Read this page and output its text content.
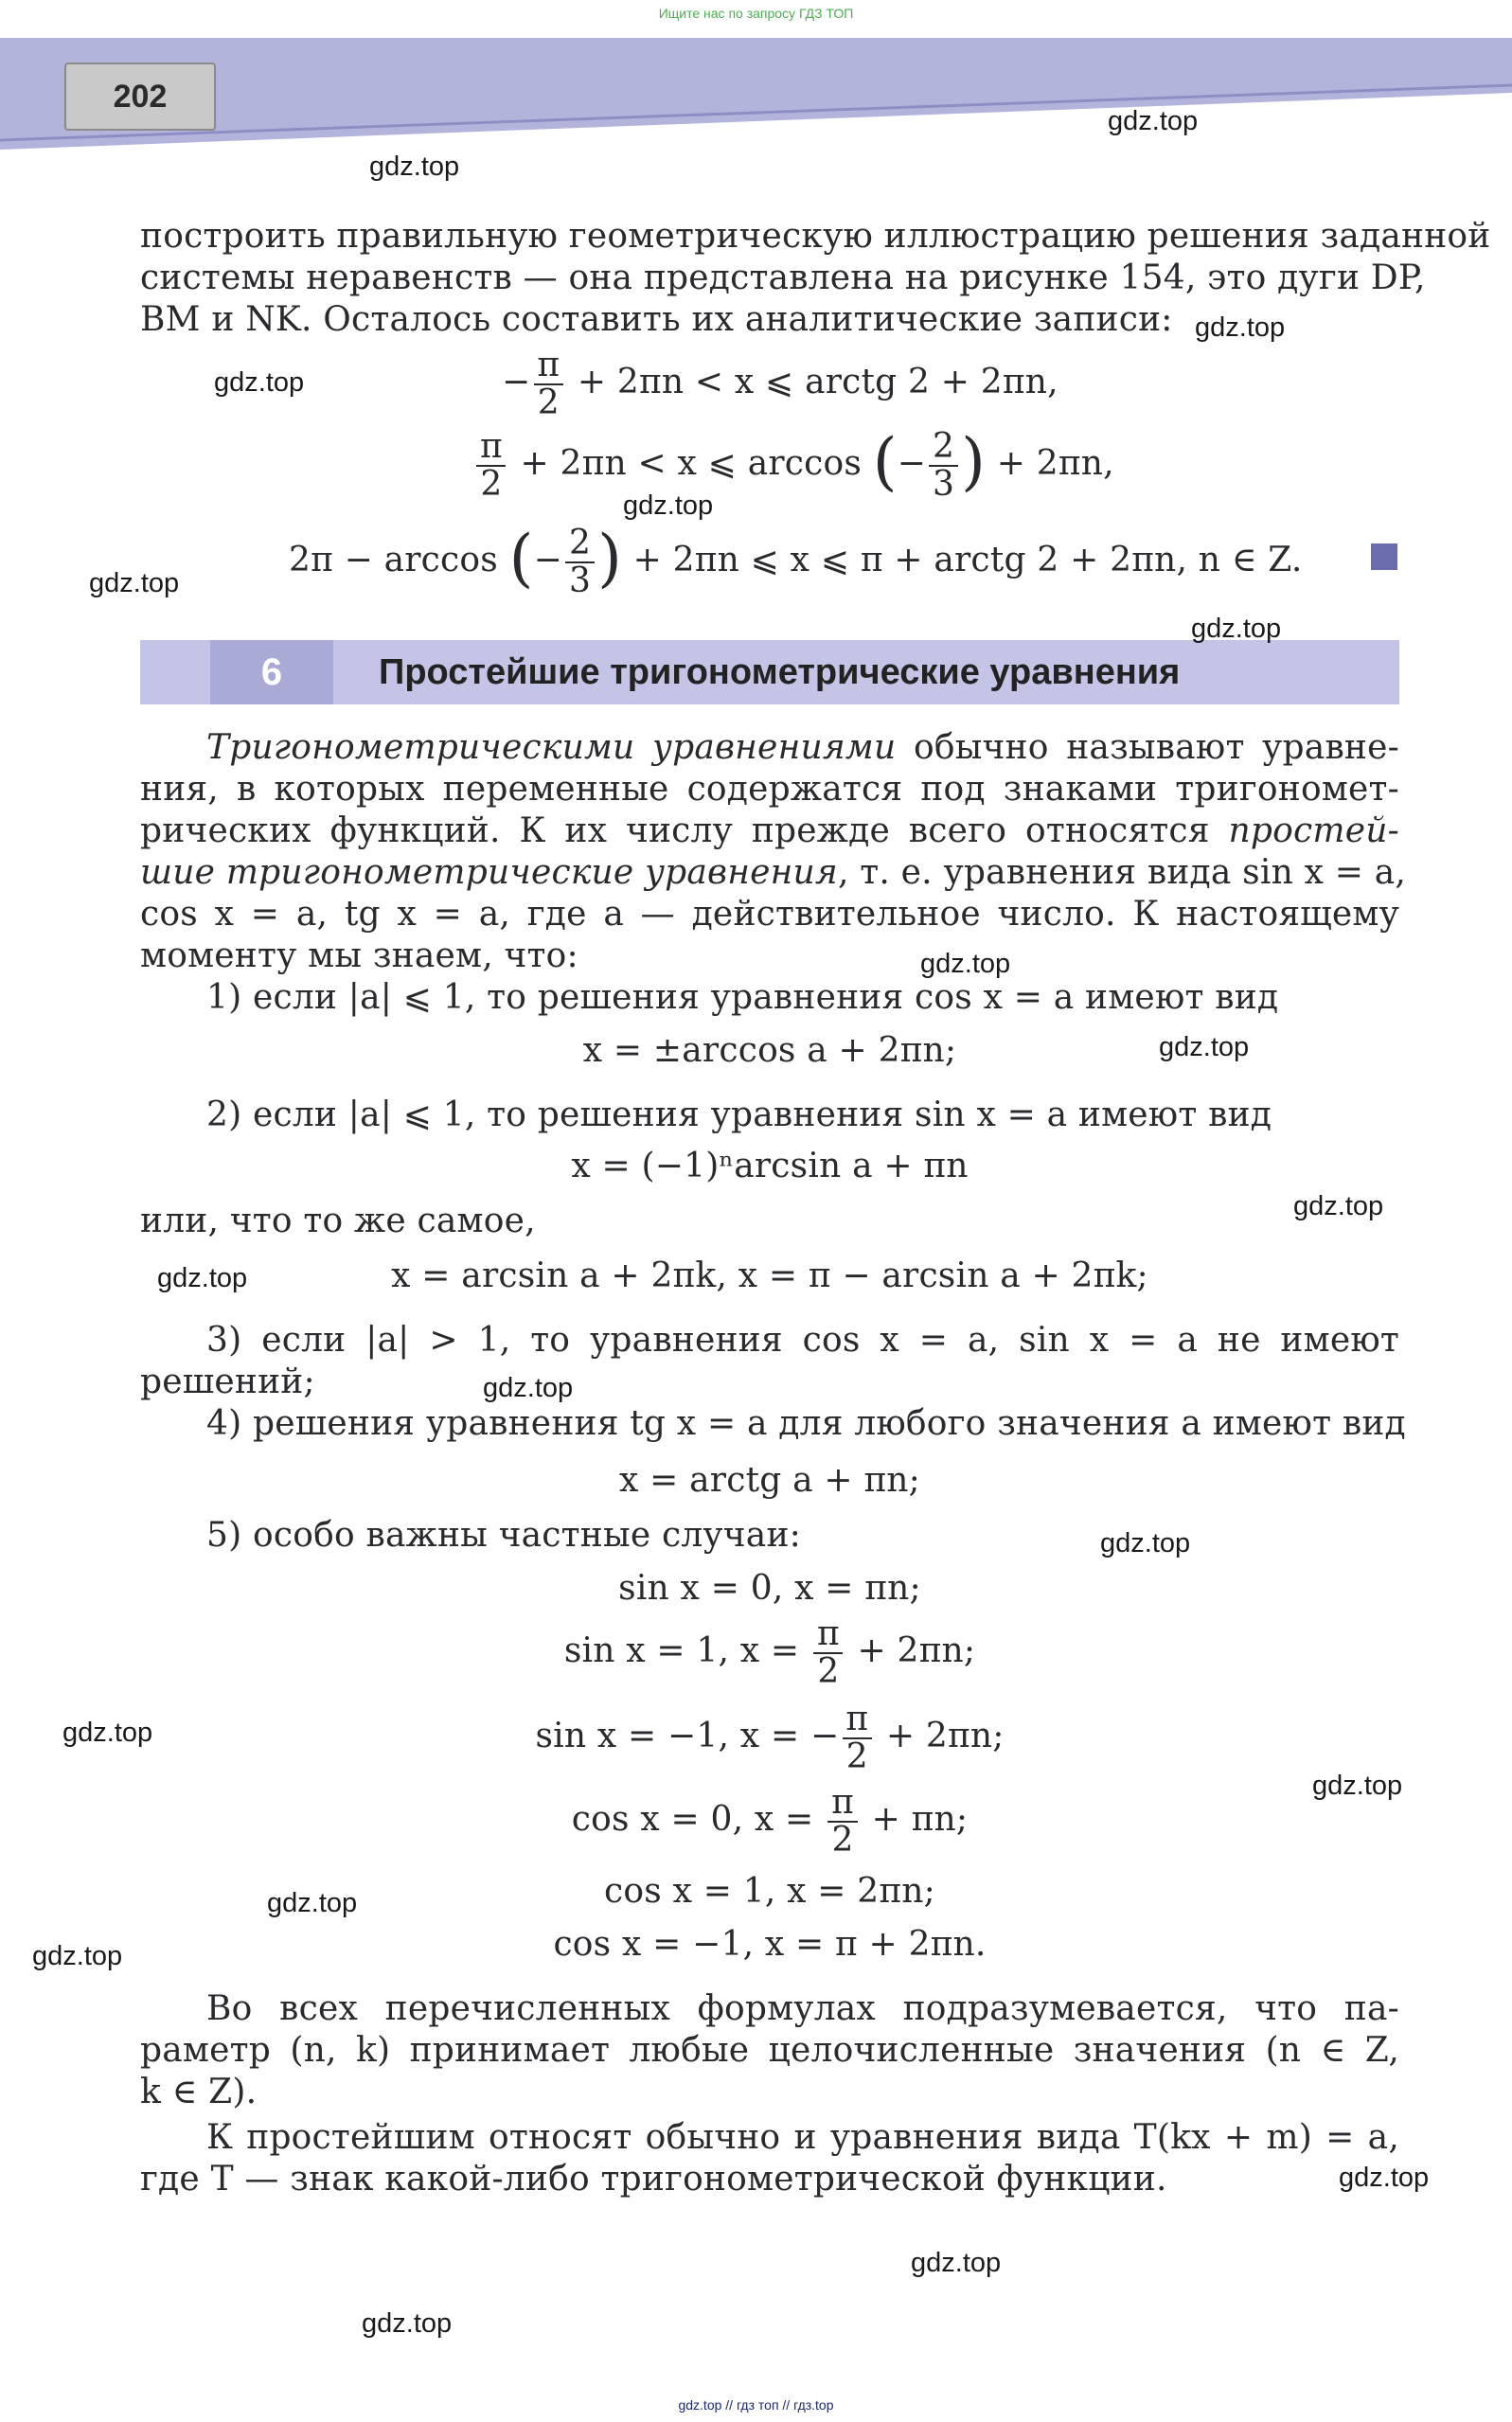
Ищите нас по запросу ГДЗ ТОП
202
построить правильную геометрическую иллюстрацию решения заданной
системы неравенств — она представлена на рисунке 154, это дуги DP,
BM и NK. Осталось составить их аналитические записи:
− $\frac{\pi}{2} + 2\pi n < x$ ⩽ arctg 2 + 2πn,
$\frac{\pi}{2} + 2\pi n < x$ ⩽ arccos (− $\frac{2}{3}$ ) + 2πn,
2π − arccos (− $\frac{2}{3}$ ) + 2πn ⩽ x ⩽ π + arctg 2 + 2πn, n ∈ Z.
6	Простейшие тригонометрические уравнения
Тригонометрическими уравнениями обычно называют уравне-
ния, в которых переменные содержатся под знаками тригономет-
рических функций. К их числу прежде всего относятся простей-
шие тригонометрические уравнения, т. е. уравнения вида sin x = a,
cos x = a, tg x = a, где a — действительное число. К настоящему
моменту мы знаем, что:
1) если |a| ⩽ 1, то решения уравнения cos x = a имеют вид
x = ±arccos a + 2πn;
2) если |a| ⩽ 1, то решения уравнения sin x = a имеют вид
x = (−1)ⁿarcsin a + πn
или, что то же самое,
x = arcsin a + 2πk, x = π − arcsin a + 2πk;
3) если |a| > 1, то уравнения cos x = a, sin x = a не имеют
решений;
4) решения уравнения tg x = a для любого значения a имеют вид
x = arctg a + πn;
5) особо важны частные случаи:
sin x = 0, x = πn;
sin x = 1, $x = \frac{\pi}{2} + 2\pi n$;
sin x = −1, x = − $\frac{\pi}{2} + 2\pi n$;
cos x = 0, $x = \frac{\pi}{2} + \pi n$;
cos x = 1, x = 2πn;
cos x = −1, x = π + 2πn.
Во всех перечисленных формулах подразумевается, что па-
раметр (n, k) принимает любые целочисленные значения (n ∈ Z,
k ∈ Z).
К простейшим относят обычно и уравнения вида T(kx + m) = a,
где T — знак какой-либо тригонометрической функции.
gdz.top
gdz.top
gdz.top
gdz.top
gdz.top
gdz.top
gdz.top
gdz.top
gdz.top
gdz.top
gdz.top
gdz.top
gdz.top
gdz.top
gdz.top
gdz.top
gdz.top
gdz.top
gdz.top
gdz.top
gdz.top // гдз топ // гдз.top
